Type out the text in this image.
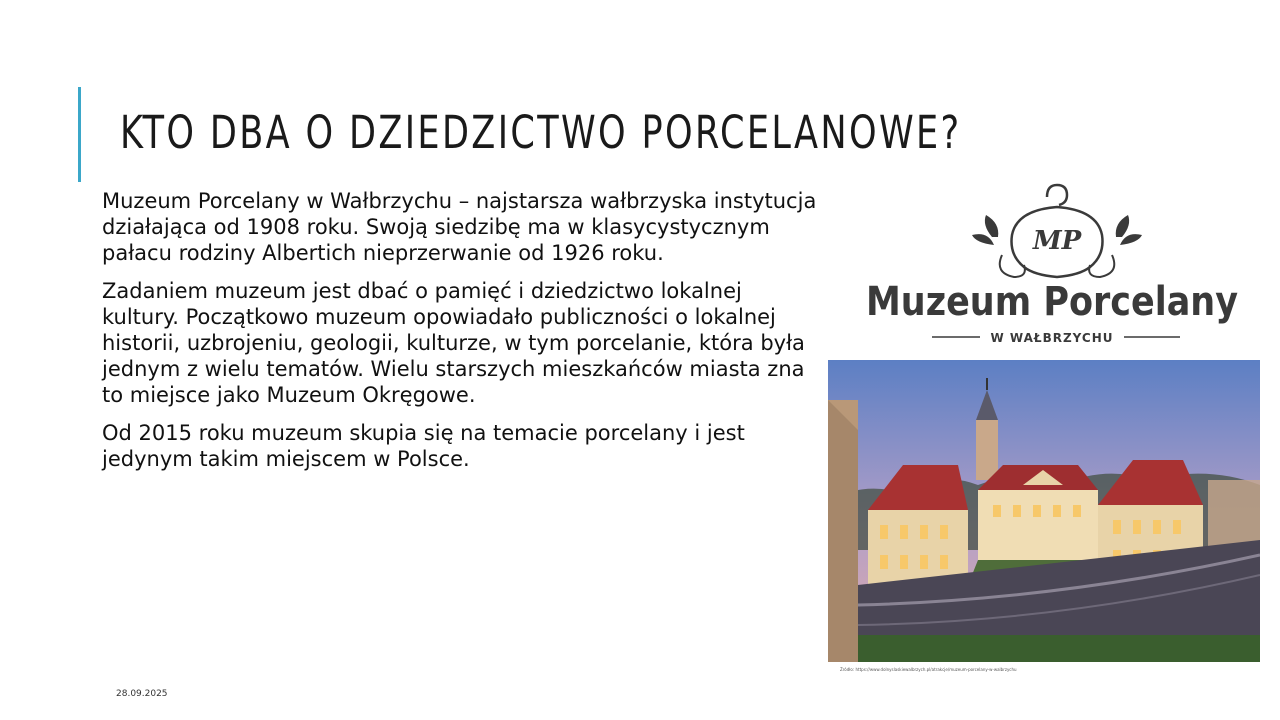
KTO DBA O DZIEDZICTWO PORCELANOWE?

Muzeum Porcelany w Wałbrzychu – najstarsza wałbrzyska instytucja działająca od 1908 roku. Swoją siedzibę ma w klasycystycznym pałacu rodziny Albertich nieprzerwanie od 1926 roku.

Zadaniem muzeum jest dbać o pamięć i dziedzictwo lokalnej kultury. Początkowo muzeum opowiadało publiczności o lokalnej historii, uzbrojeniu, geologii, kulturze, w tym porcelanie, która była jednym z wielu tematów. Wielu starszych mieszkańców miasta zna to miejsce jako Muzeum Okręgowe.

Od 2015 roku muzeum skupia się na temacie porcelany i jest jedynym takim miejscem w Polsce.

MP
Muzeum Porcelany
W WAŁBRZYCHU
Źródło: https://www.dolnyslaskiewalbrzych.pl/atrakcje/muzeum-porcelany-w-walbrzychu
28.09.2025
